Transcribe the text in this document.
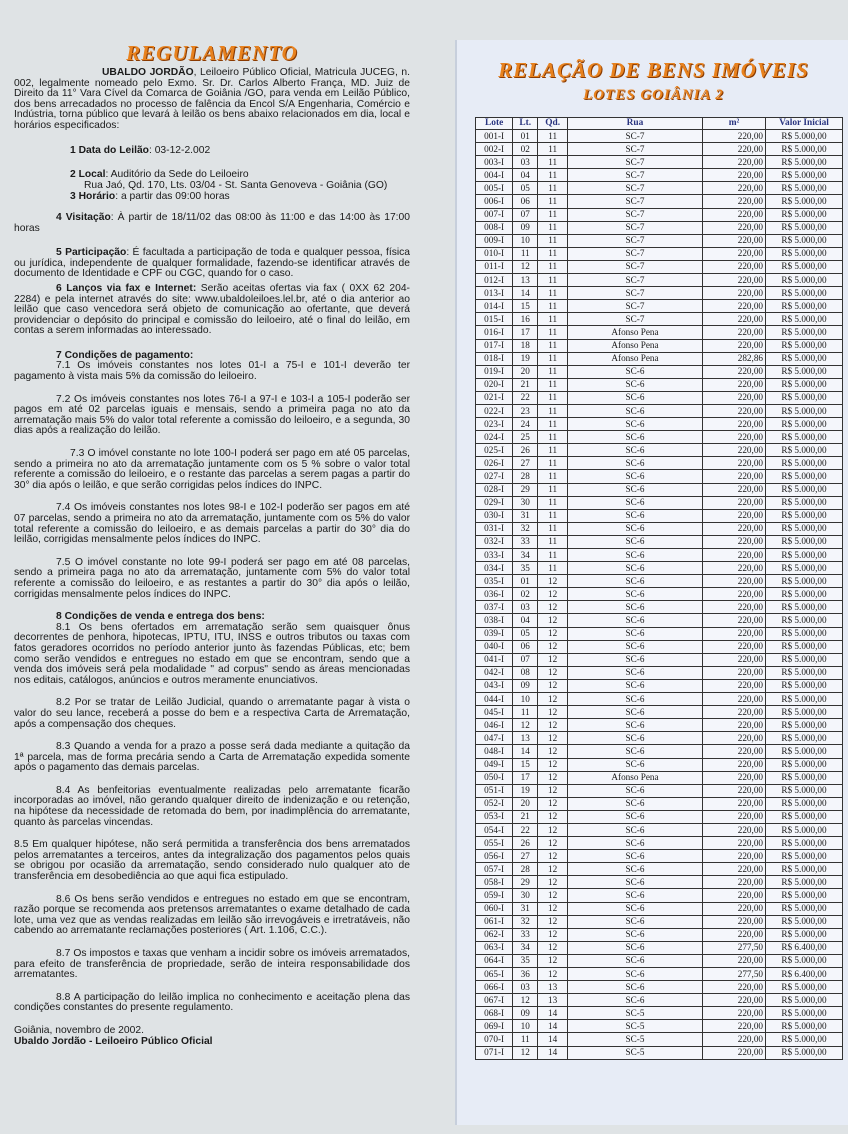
REGULAMENTO

UBALDO JORDÃO, Leiloeiro Público Oficial, Matricula JUCEG, n. 002, legalmente nomeado pelo Exmo. Sr. Dr. Carlos Alberto França, MD. Juiz de Direito da 11° Vara Cível da Comarca de Goiânia /GO, para venda em Leilão Público, dos bens arrecadados no processo de falência da Encol S/A Engenharia, Comércio e Indústria, torna público que levará à leilão os bens abaixo relacionados em dia, local e horários especificados:

1 Data do Leilão: 03-12-2.002

2 Local: Auditório da Sede do Leiloeiro

Rua Jaó, Qd. 170, Lts. 03/04 - St. Santa Genoveva - Goiânia (GO)

3 Horário: a partir das 09:00 horas

4 Visitação: À partir de 18/11/02 das 08:00 às 11:00 e das 14:00 às 17:00 horas

5 Participação: É facultada a participação de toda e qualquer pessoa, física ou jurídica, independente de qualquer formalidade, fazendo-se identificar através de documento de Identidade e CPF ou CGC, quando for o caso.

6 Lanços via fax e Internet: Serão aceitas ofertas via fax ( 0XX 62 204-2284) e pela internet através do site: www.ubaldoleiloes.lel.br, até o dia anterior ao leilão que caso vencedora será objeto de comunicação ao ofertante, que deverá providenciar o depósito do principal e comissão do leiloeiro, até o final do leilão, em contas a serem informadas ao interessado.

7 Condições de pagamento:

7.1 Os imóveis constantes nos lotes 01-I a 75-I e 101-I deverão ter pagamento à vista mais 5% da comissão do leiloeiro.

7.2 Os imóveis constantes nos lotes 76-I a 97-I e 103-I a 105-I poderão ser pagos em até 02 parcelas iguais e mensais, sendo a primeira paga no ato da arrematação mais 5% do valor total referente a comissão do leiloeiro, e a segunda, 30 dias após a realização do leilão.

7.3 O imóvel constante no lote 100-I poderá ser pago em até 05 parcelas, sendo a primeira no ato da arrematação juntamente com os 5 % sobre o valor total referente a comissão do leiloeiro, e o restante das parcelas a serem pagas a partir do 30° dia após o leilão, e que serão corrigidas pelos índices do INPC.

7.4 Os imóveis constantes nos lotes 98-I e 102-I poderão ser pagos em até 07 parcelas, sendo a primeira no ato da arrematação, juntamente com os 5% do valor total referente a comissão do leiloeiro, e as demais parcelas a partir do 30° dia do leilão, corrigidas mensalmente pelos índices do INPC.

7.5 O imóvel constante no lote 99-I poderá ser pago em até 08 parcelas, sendo a primeira paga no ato da arrematação, juntamente com 5% do valor total referente a comissão do leiloeiro, e as restantes a partir do 30° dia após o leilão, corrigidas mensalmente pelos índices do INPC.

8 Condições de venda e entrega dos bens:

8.1 Os bens ofertados em arrematação serão sem quaisquer ônus decorrentes de penhora, hipotecas, IPTU, ITU, INSS e outros tributos ou taxas com fatos geradores ocorridos no período anterior junto às fazendas Públicas, etc; bem como serão vendidos e entregues no estado em que se encontram, sendo que a venda dos imóveis será pela modalidade " ad corpus" sendo as áreas mencionadas nos editais, catálogos, anúncios e outros meramente enunciativos.

8.2 Por se tratar de Leilão Judicial, quando o arrematante pagar à vista o valor do seu lance, receberá a posse do bem e a respectiva Carta de Arrematação, após a compensação dos cheques.

8.3 Quando a venda for a prazo a posse será dada mediante a quitação da 1ª parcela, mas de forma precária sendo a Carta de Arrematação expedida somente após o pagamento das demais parcelas.

8.4 As benfeitorias eventualmente realizadas pelo arrematante ficarão incorporadas ao imóvel, não gerando qualquer direito de indenização e ou retenção, na hipótese da necessidade de retomada do bem, por inadimplência do arrematante, quanto às parcelas vincendas.

8.5 Em qualquer hipótese, não será permitida a transferência dos bens arrematados pelos arrematantes a terceiros, antes da integralização dos pagamentos pelos quais se obrigou por ocasião da arrematação, sendo considerado nulo qualquer ato de transferência em desobediência ao que aqui fica estipulado.

8.6 Os bens serão vendidos e entregues no estado em que se encontram, razão porque se recomenda aos pretensos arrematantes o exame detalhado de cada lote, uma vez que as vendas realizadas em leilão são irrevogáveis e irretratáveis, não cabendo ao arrematante reclamações posteriores ( Art. 1.106, C.C.).

8.7 Os impostos e taxas que venham a incidir sobre os imóveis arrematados, para efeito de transferência de propriedade, serão de inteira responsabilidade dos arrematantes.

8.8 A participação do leilão implica no conhecimento e aceitação plena das condições constantes do presente regulamento.

Goiânia, novembro de 2002.

Ubaldo Jordão - Leiloeiro Público Oficial

RELAÇÃO DE BENS IMÓVEIS
LOTES GOIÂNIA 2
Lote	Lt.	Qd.	Rua	m²	Valor Inicial
001-I	01	11	SC-7	220,00	R$ 5.000,00
002-I	02	11	SC-7	220,00	R$ 5.000,00
003-I	03	11	SC-7	220,00	R$ 5.000,00
004-I	04	11	SC-7	220,00	R$ 5.000,00
005-I	05	11	SC-7	220,00	R$ 5.000,00
006-I	06	11	SC-7	220,00	R$ 5.000,00
007-I	07	11	SC-7	220,00	R$ 5.000,00
008-I	09	11	SC-7	220,00	R$ 5.000,00
009-I	10	11	SC-7	220,00	R$ 5.000,00
010-I	11	11	SC-7	220,00	R$ 5.000,00
011-I	12	11	SC-7	220,00	R$ 5.000,00
012-I	13	11	SC-7	220,00	R$ 5.000,00
013-I	14	11	SC-7	220,00	R$ 5.000,00
014-I	15	11	SC-7	220,00	R$ 5.000,00
015-I	16	11	SC-7	220,00	R$ 5.000,00
016-I	17	11	Afonso Pena	220,00	R$ 5.000,00
017-I	18	11	Afonso Pena	220,00	R$ 5.000,00
018-I	19	11	Afonso Pena	282,86	R$ 5.000,00
019-I	20	11	SC-6	220,00	R$ 5.000,00
020-I	21	11	SC-6	220,00	R$ 5.000,00
021-I	22	11	SC-6	220,00	R$ 5.000,00
022-I	23	11	SC-6	220,00	R$ 5.000,00
023-I	24	11	SC-6	220,00	R$ 5.000,00
024-I	25	11	SC-6	220,00	R$ 5.000,00
025-I	26	11	SC-6	220,00	R$ 5.000,00
026-I	27	11	SC-6	220,00	R$ 5.000,00
027-I	28	11	SC-6	220,00	R$ 5.000,00
028-I	29	11	SC-6	220,00	R$ 5.000,00
029-I	30	11	SC-6	220,00	R$ 5.000,00
030-I	31	11	SC-6	220,00	R$ 5.000,00
031-I	32	11	SC-6	220,00	R$ 5.000,00
032-I	33	11	SC-6	220,00	R$ 5.000,00
033-I	34	11	SC-6	220,00	R$ 5.000,00
034-I	35	11	SC-6	220,00	R$ 5.000,00
035-I	01	12	SC-6	220,00	R$ 5.000,00
036-I	02	12	SC-6	220,00	R$ 5.000,00
037-I	03	12	SC-6	220,00	R$ 5.000,00
038-I	04	12	SC-6	220,00	R$ 5.000,00
039-I	05	12	SC-6	220,00	R$ 5.000,00
040-I	06	12	SC-6	220,00	R$ 5.000,00
041-I	07	12	SC-6	220,00	R$ 5.000,00
042-I	08	12	SC-6	220,00	R$ 5.000,00
043-I	09	12	SC-6	220,00	R$ 5.000,00
044-I	10	12	SC-6	220,00	R$ 5.000,00
045-I	11	12	SC-6	220,00	R$ 5.000,00
046-I	12	12	SC-6	220,00	R$ 5.000,00
047-I	13	12	SC-6	220,00	R$ 5.000,00
048-I	14	12	SC-6	220,00	R$ 5.000,00
049-I	15	12	SC-6	220,00	R$ 5.000,00
050-I	17	12	Afonso Pena	220,00	R$ 5.000,00
051-I	19	12	SC-6	220,00	R$ 5.000,00
052-I	20	12	SC-6	220,00	R$ 5.000,00
053-I	21	12	SC-6	220,00	R$ 5.000,00
054-I	22	12	SC-6	220,00	R$ 5.000,00
055-I	26	12	SC-6	220,00	R$ 5.000,00
056-I	27	12	SC-6	220,00	R$ 5.000,00
057-I	28	12	SC-6	220,00	R$ 5.000,00
058-I	29	12	SC-6	220,00	R$ 5.000,00
059-I	30	12	SC-6	220,00	R$ 5.000,00
060-I	31	12	SC-6	220,00	R$ 5.000,00
061-I	32	12	SC-6	220,00	R$ 5.000,00
062-I	33	12	SC-6	220,00	R$ 5.000,00
063-I	34	12	SC-6	277,50	R$ 6.400,00
064-I	35	12	SC-6	220,00	R$ 5.000,00
065-I	36	12	SC-6	277,50	R$ 6.400,00
066-I	03	13	SC-6	220,00	R$ 5.000,00
067-I	12	13	SC-6	220,00	R$ 5.000,00
068-I	09	14	SC-5	220,00	R$ 5.000,00
069-I	10	14	SC-5	220,00	R$ 5.000,00
070-I	11	14	SC-5	220,00	R$ 5.000,00
071-I	12	14	SC-5	220,00	R$ 5.000,00
